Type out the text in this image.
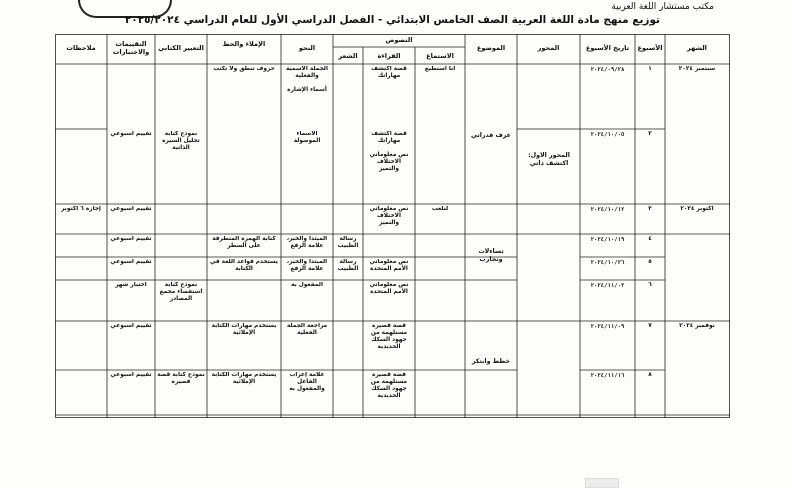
مكتب مستشار اللغة العربية
توزيع منهج مادة اللغة العربية الصف الخامس الابتدائي - الفصل الدراسي الأول للعام الدراسي ٢٠٢٥/٢٠٢٤
الشهر
الأسبوع
تاريخ الأسبوع
المحور
الموضوع
النصوص
الاستماع
القراءة
الشعر
النحو
الإملاء والخط
التعبير الكتابي
التقييمات والاختبارات
ملاحظات
المحور الأول: اكتشف ذاتي
عرف قدراتي
تساءلات وتجارب
خطط وابتكر
سبتمبر ٢٠٢٤
أكتوبر ٢٠٢٤
نوفمبر ٢٠٢٤
١
٢٠٢٤/٠٩/٢٨
أنا أستطيع
قصة اكتشف مهاراتك
الجملة الاسمية والفعلية

أسماء الإشارة
حروف تنطق ولا تكتب
٢
٢٠٢٤/١٠/٠٥
قصة اكتشف مهاراتك

نص معلوماتي الاختلاف والتميز
الأسماء الموصولة
نموذج كتابة تحليل السيرة الذاتية
تقييم أسبوعي
٣
٢٠٢٤/١٠/١٢
لنلعب
نص معلوماتي الاختلاف والتميز
تقييم أسبوعي
إجازة ٦ أكتوبر
٤
٢٠٢٤/١٠/١٩
رسالة الطبيب
المبتدأ والخبر، علامة الرفع
كتابة الهمزة المتطرفة على السطر
تقييم أسبوعي
٥
٢٠٢٤/١٠/٢٦
نص معلوماتي الأمم المتحدة
رسالة الطبيب
المبتدأ والخبر، علامة الرفع
يستخدم قواعد اللغة في الكتابة
تقييم أسبوعي
٦
٢٠٢٤/١١/٠٢
نص معلوماتي الأمم المتحدة
المفعول به
نموذج كتابة استقصاء مجمع المصادر
اختبار شهر
٧
٢٠٢٤/١١/٠٩
قصة قصيرة مستلهمة من جهود السكك الحديدية
مراجعة الجملة الفعلية
يستخدم مهارات الكتابة الإملائية
تقييم أسبوعي
٨
٢٠٢٤/١١/١٦
قصة قصيرة مستلهمة من جهود السكك الحديدية
علامة إعراب الفاعل والمفعول به
يستخدم مهارات الكتابة الإملائية
نموذج كتابة قصة قصيرة
تقييم أسبوعي
